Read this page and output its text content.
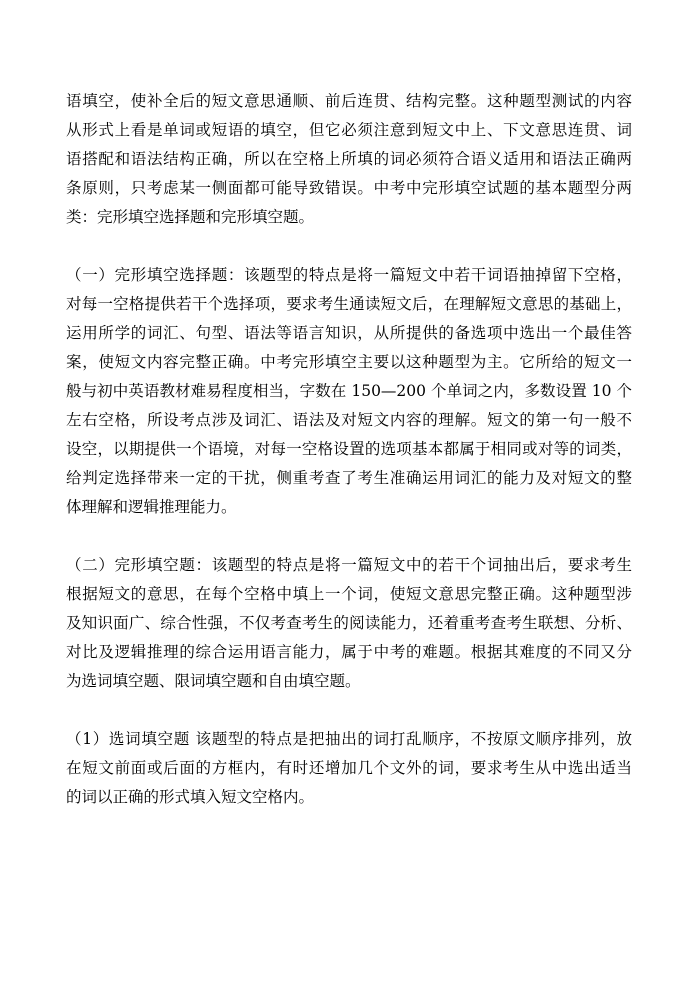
语填空，使补全后的短文意思通顺、前后连贯、结构完整。这种题型测试的内容
从形式上看是单词或短语的填空，但它必须注意到短文中上、下文意思连贯、词
语搭配和语法结构正确，所以在空格上所填的词必须符合语义适用和语法正确两
条原则，只考虑某一侧面都可能导致错误。中考中完形填空试题的基本题型分两
类：完形填空选择题和完形填空题。
（一）完形填空选择题：该题型的特点是将一篇短文中若干词语抽掉留下空格，
对每一空格提供若干个选择项，要求考生通读短文后，在理解短文意思的基础上，
运用所学的词汇、句型、语法等语言知识，从所提供的备选项中选出一个最佳答
案，使短文内容完整正确。中考完形填空主要以这种题型为主。它所给的短文一
般与初中英语教材难易程度相当，字数在 150—200 个单词之内，多数设置 10 个
左右空格，所设考点涉及词汇、语法及对短文内容的理解。短文的第一句一般不
设空，以期提供一个语境，对每一空格设置的选项基本都属于相同或对等的词类，
给判定选择带来一定的干扰，侧重考查了考生准确运用词汇的能力及对短文的整
体理解和逻辑推理能力。
（二）完形填空题：该题型的特点是将一篇短文中的若干个词抽出后，要求考生
根据短文的意思，在每个空格中填上一个词，使短文意思完整正确。这种题型涉
及知识面广、综合性强，不仅考查考生的阅读能力，还着重考查考生联想、分析、
对比及逻辑推理的综合运用语言能力，属于中考的难题。根据其难度的不同又分
为选词填空题、限词填空题和自由填空题。
（1）选词填空题 该题型的特点是把抽出的词打乱顺序，不按原文顺序排列，放
在短文前面或后面的方框内，有时还增加几个文外的词，要求考生从中选出适当
的词以正确的形式填入短文空格内。
